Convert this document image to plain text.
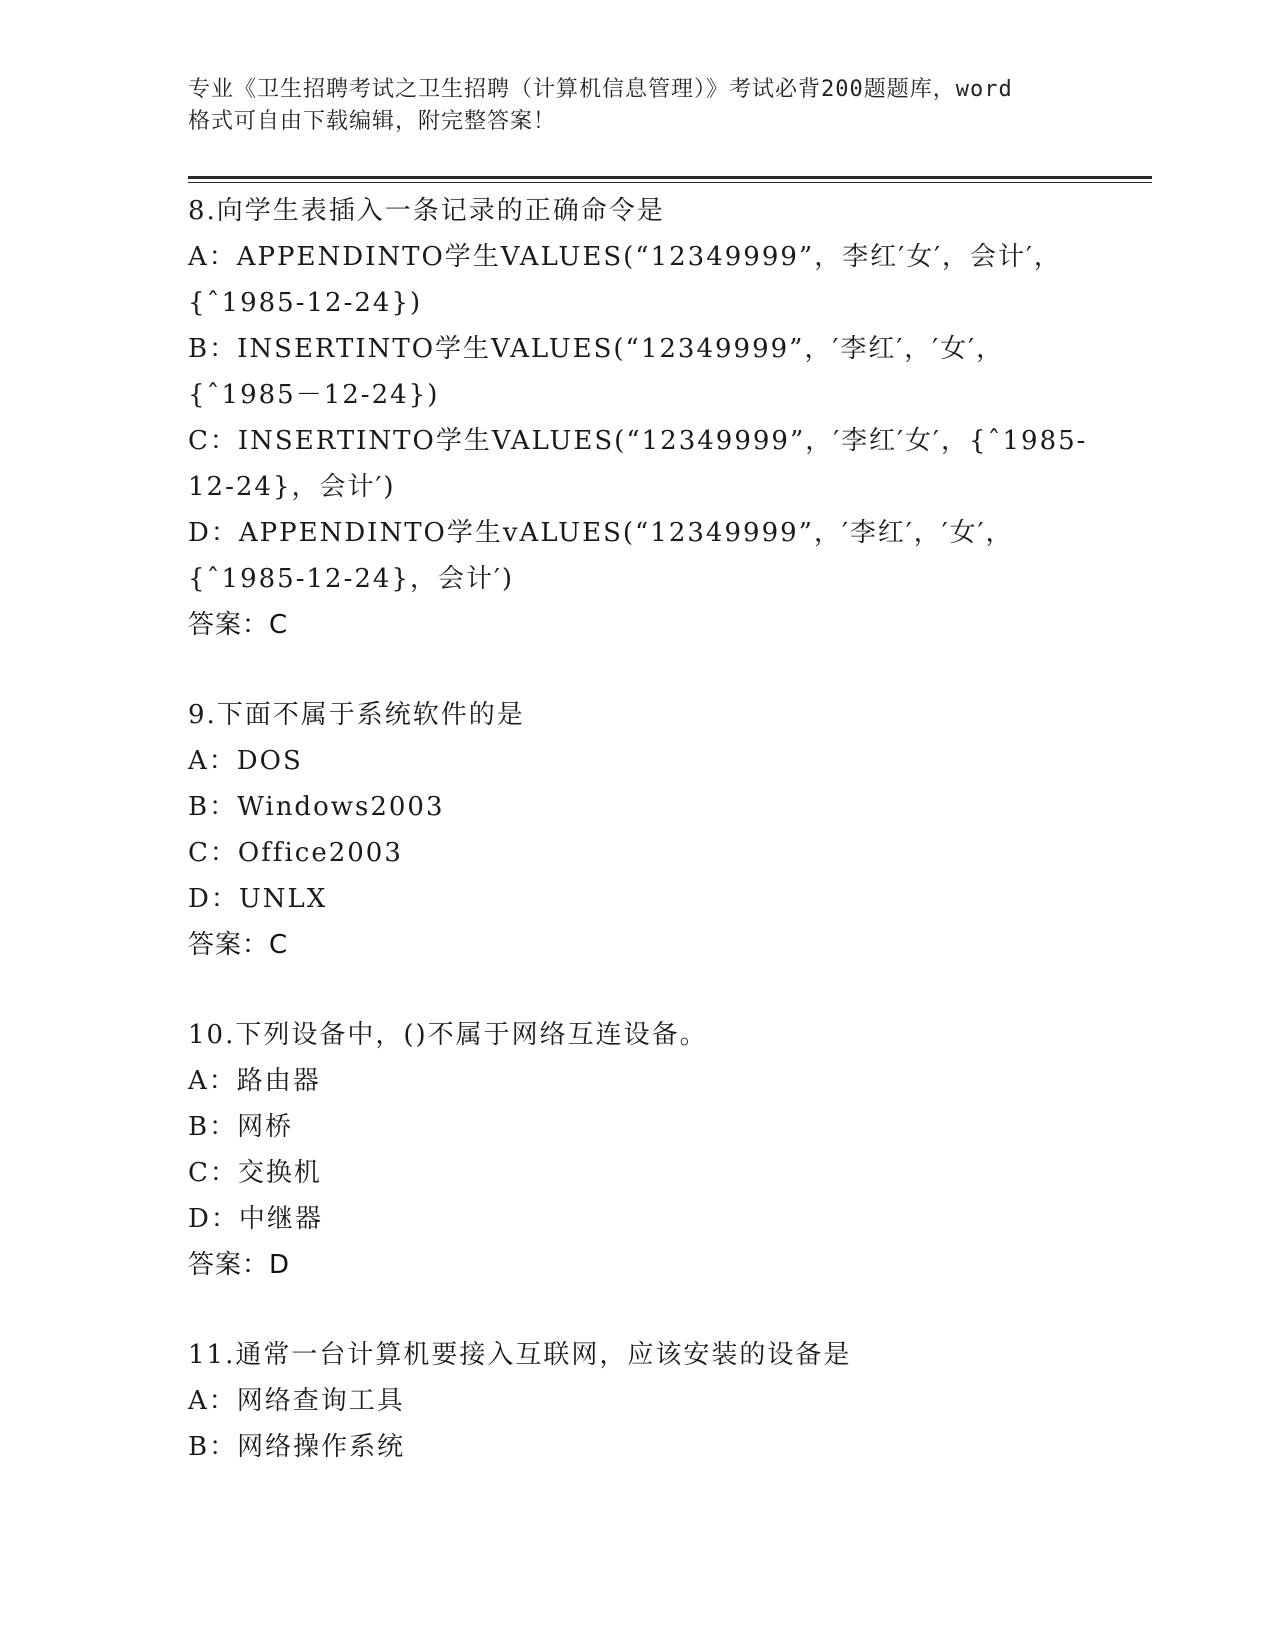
专业《卫生招聘考试之卫生招聘（计算机信息管理）》考试必背200题题库，word
格式可自由下载编辑，附完整答案！
8.向学生表插入一条记录的正确命令是
A：APPENDINTO学生VALUES(“12349999”，李红′女′，会计′，
{ˆ1985-12-24})
B：INSERTINTO学生VALUES(“12349999”，′李红′，′女′，
{ˆ1985－12-24})
C：INSERTINTO学生VALUES(“12349999”，′李红′女′，{ˆ1985-
12-24}，会计′)
D：APPENDINTO学生vALUES(“12349999”，′李红′，′女′，
{ˆ1985-12-24}，会计′)
答案：C
9.下面不属于系统软件的是
A：DOS
B：Windows2003
C：Office2003
D：UNLX
答案：C
10.下列设备中，()不属于网络互连设备。
A：路由器
B：网桥
C：交换机
D：中继器
答案：D
11.通常一台计算机要接入互联网，应该安装的设备是
A：网络查询工具
B：网络操作系统
